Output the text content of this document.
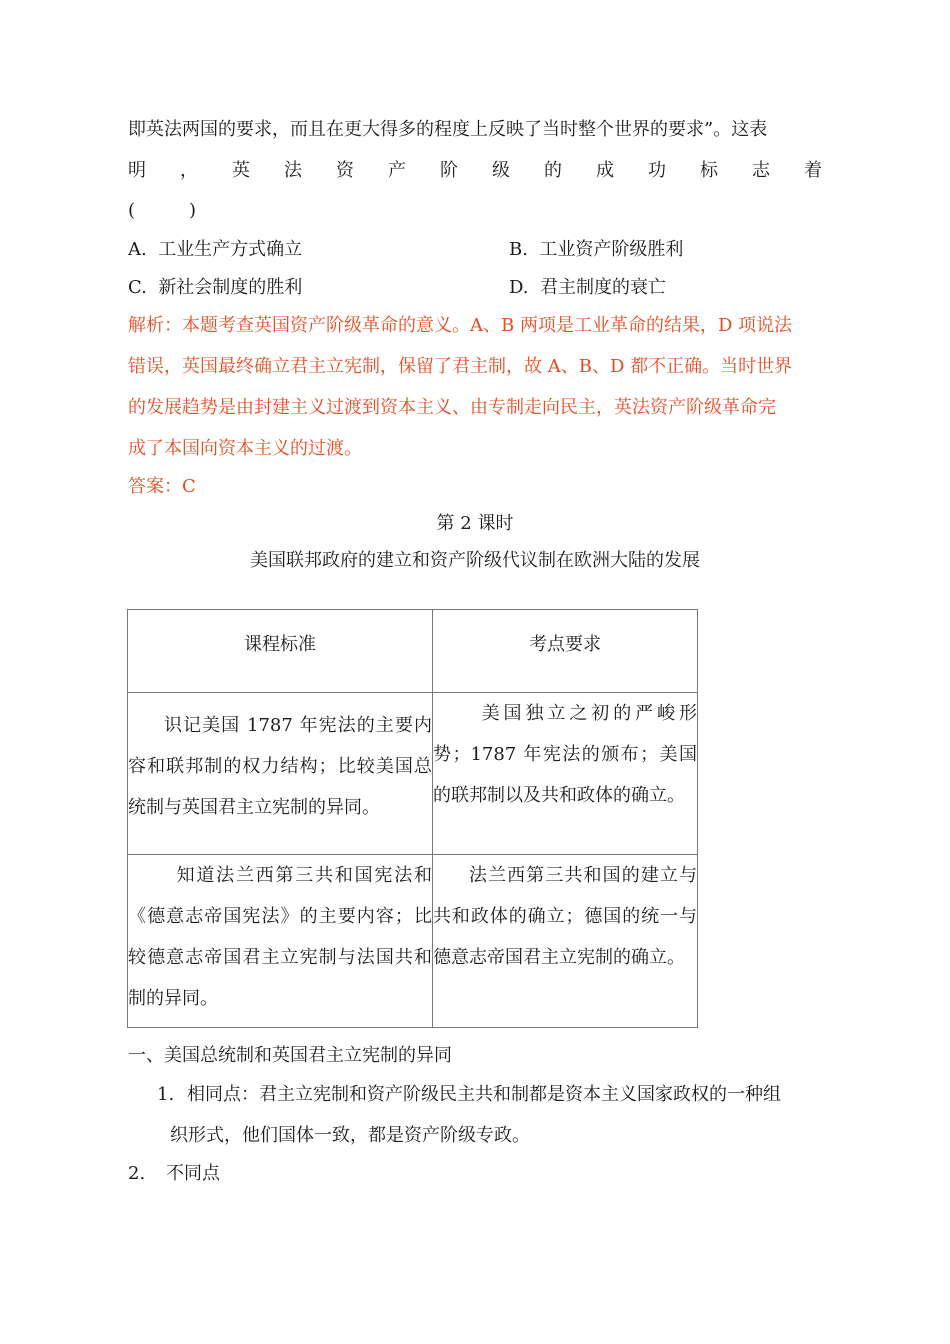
即英法两国的要求，而且在更大得多的程度上反映了当时整个世界的要求”。这表
明 ， 英 法 资 产 阶 级 的 成 功 标 志 着
(　　　)
A. 工业生产方式确立	B. 工业资产阶级胜利
C. 新社会制度的胜利	D. 君主制度的衰亡
解析：本题考查英国资产阶级革命的意义。A、B 两项是工业革命的结果，D 项说法
错误，英国最终确立君主立宪制，保留了君主制，故 A、B、D 都不正确。当时世界
的发展趋势是由封建主义过渡到资本主义、由专制走向民主，英法资产阶级革命完
成了本国向资本主义的过渡。
答案：C
第 2 课时
美国联邦政府的建立和资产阶级代议制在欧洲大陆的发展
课程标准	考点要求

识记美国 1787 年宪法的主要内容和联邦制的权力结构；比较美国总统制与英国君主立宪制的异同。	美国独立之初的严峻形势；1787 年宪法的颁布；美国的联邦制以及共和政体的确立。

知道法兰西第三共和国宪法和《德意志帝国宪法》的主要内容；比较德意志帝国君主立宪制与法国共和制的异同。	法兰西第三共和国的建立与共和政体的确立；德国的统一与德意志帝国君主立宪制的确立。
一、美国总统制和英国君主立宪制的异同
1. 相同点：君主立宪制和资产阶级民主共和制都是资本主义国家政权的一种组
织形式，他们国体一致，都是资产阶级专政。
2. 不同点
